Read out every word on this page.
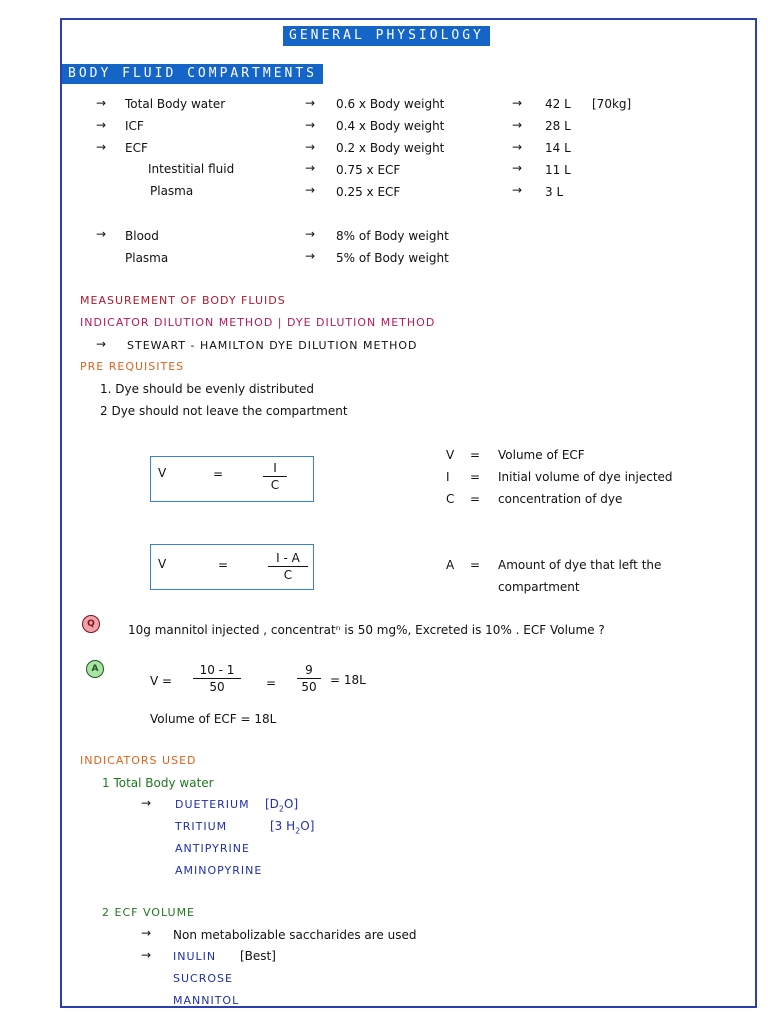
GENERAL PHYSIOLOGY
BODY FLUID COMPARTMENTS
→ Total Body water	→ 0.6 x Body weight	→ 42 L [70kg]
→ ICF	→ 0.4 x Body weight	→ 28 L
→ ECF	→ 0.2 x Body weight	→ 14 L
Intestitial fluid	→ 0.75 x ECF	→ 11 L
Plasma	→ 0.25 x ECF	→ 3 L
→ Blood	→ 8% of Body weight
Plasma	→ 5% of Body weight
MEASUREMENT OF BODY FLUIDS
INDICATOR DILUTION METHOD | DYE DILUTION METHOD
→ STEWART - HAMILTON DYE DILUTION METHOD
PRE REQUISITES
1. Dye should be evenly distributed
2 Dye should not leave the compartment
V	=	$\frac{I}{C}$
V = Volume of ECF
I = Initial volume of dye injected
C = concentration of dye
V	=	$\frac{I - A}{C}$	A = Amount of dye that left the
compartment
Q	10g mannitol injected , concentratⁿ is 50 mg%, Excreted is 10% . ECF Volume ?
A
$V = \frac{10 - 1}{50} = \frac{9}{50} = 18L$
Volume of ECF = 18L
INDICATORS USED
1 Total Body water
→ DUETERIUM $[D_2O]$
TRITIUM	[3 $H_2O$]
ANTIPYRINE
AMINOPYRINE
2 ECF VOLUME
→ Non metabolizable saccharides are used
→ INULIN [Best]
SUCROSE
MANNITOL
